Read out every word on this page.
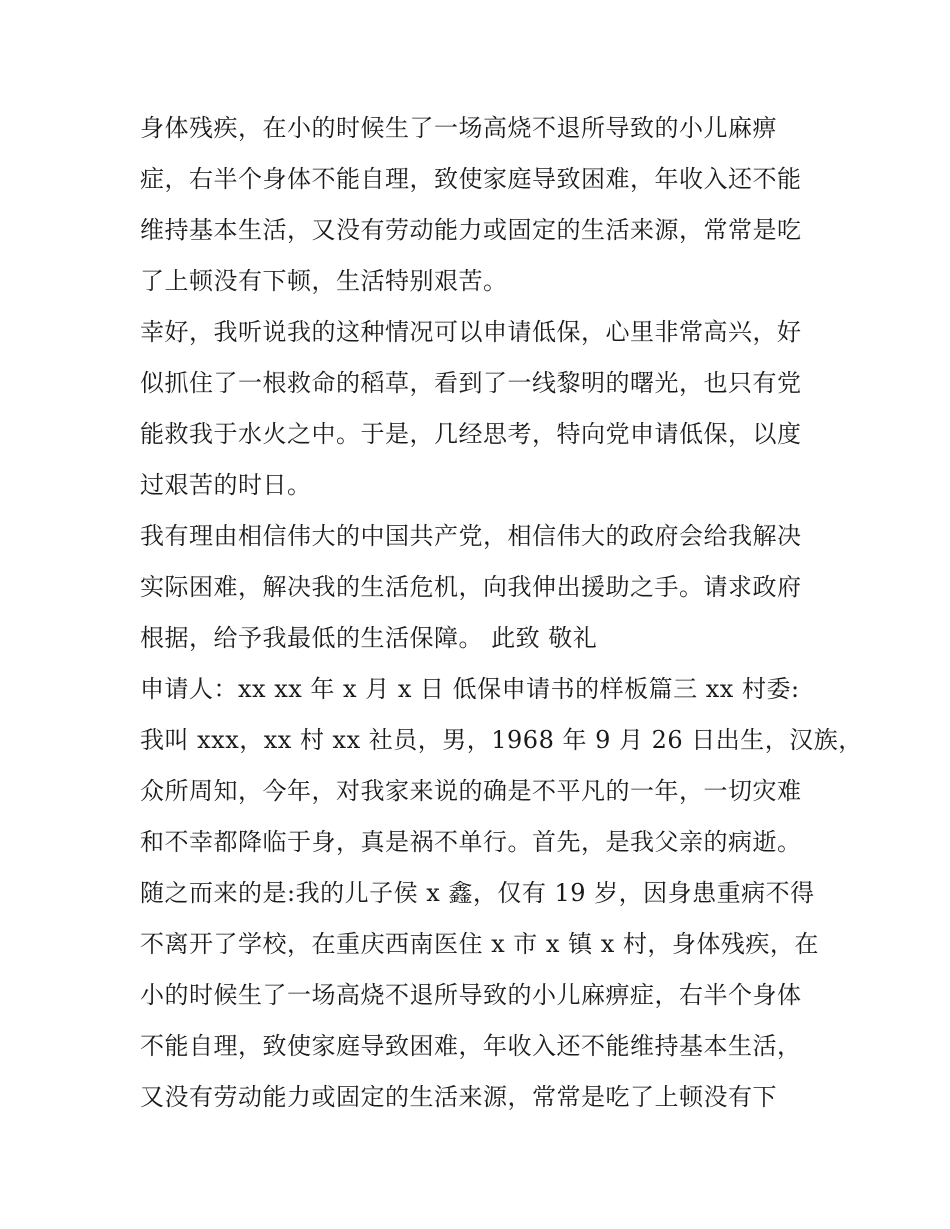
身体残疾，在小的时候生了一场高烧不退所导致的小儿麻痹
症，右半个身体不能自理，致使家庭导致困难，年收入还不能
维持基本生活，又没有劳动能力或固定的生活来源，常常是吃
了上顿没有下顿，生活特别艰苦。
幸好，我听说我的这种情况可以申请低保，心里非常高兴，好
似抓住了一根救命的稻草，看到了一线黎明的曙光，也只有党
能救我于水火之中。于是，几经思考，特向党申请低保，以度
过艰苦的时日。
我有理由相信伟大的中国共产党，相信伟大的政府会给我解决
实际困难，解决我的生活危机，向我伸出援助之手。请求政府
根据，给予我最低的生活保障。 此致 敬礼
申请人：xx xx 年 x 月 x 日 低保申请书的样板篇三 xx 村委:
我叫 xxx，xx 村 xx 社员，男，1968 年 9 月 26 日出生，汉族，
众所周知，今年，对我家来说的确是不平凡的一年，一切灾难
和不幸都降临于身，真是祸不单行。首先，是我父亲的病逝。
随之而来的是:我的儿子侯 x 鑫，仅有 19 岁，因身患重病不得
不离开了学校，在重庆西南医住 x 市 x 镇 x 村，身体残疾，在
小的时候生了一场高烧不退所导致的小儿麻痹症，右半个身体
不能自理，致使家庭导致困难，年收入还不能维持基本生活，
又没有劳动能力或固定的生活来源，常常是吃了上顿没有下
